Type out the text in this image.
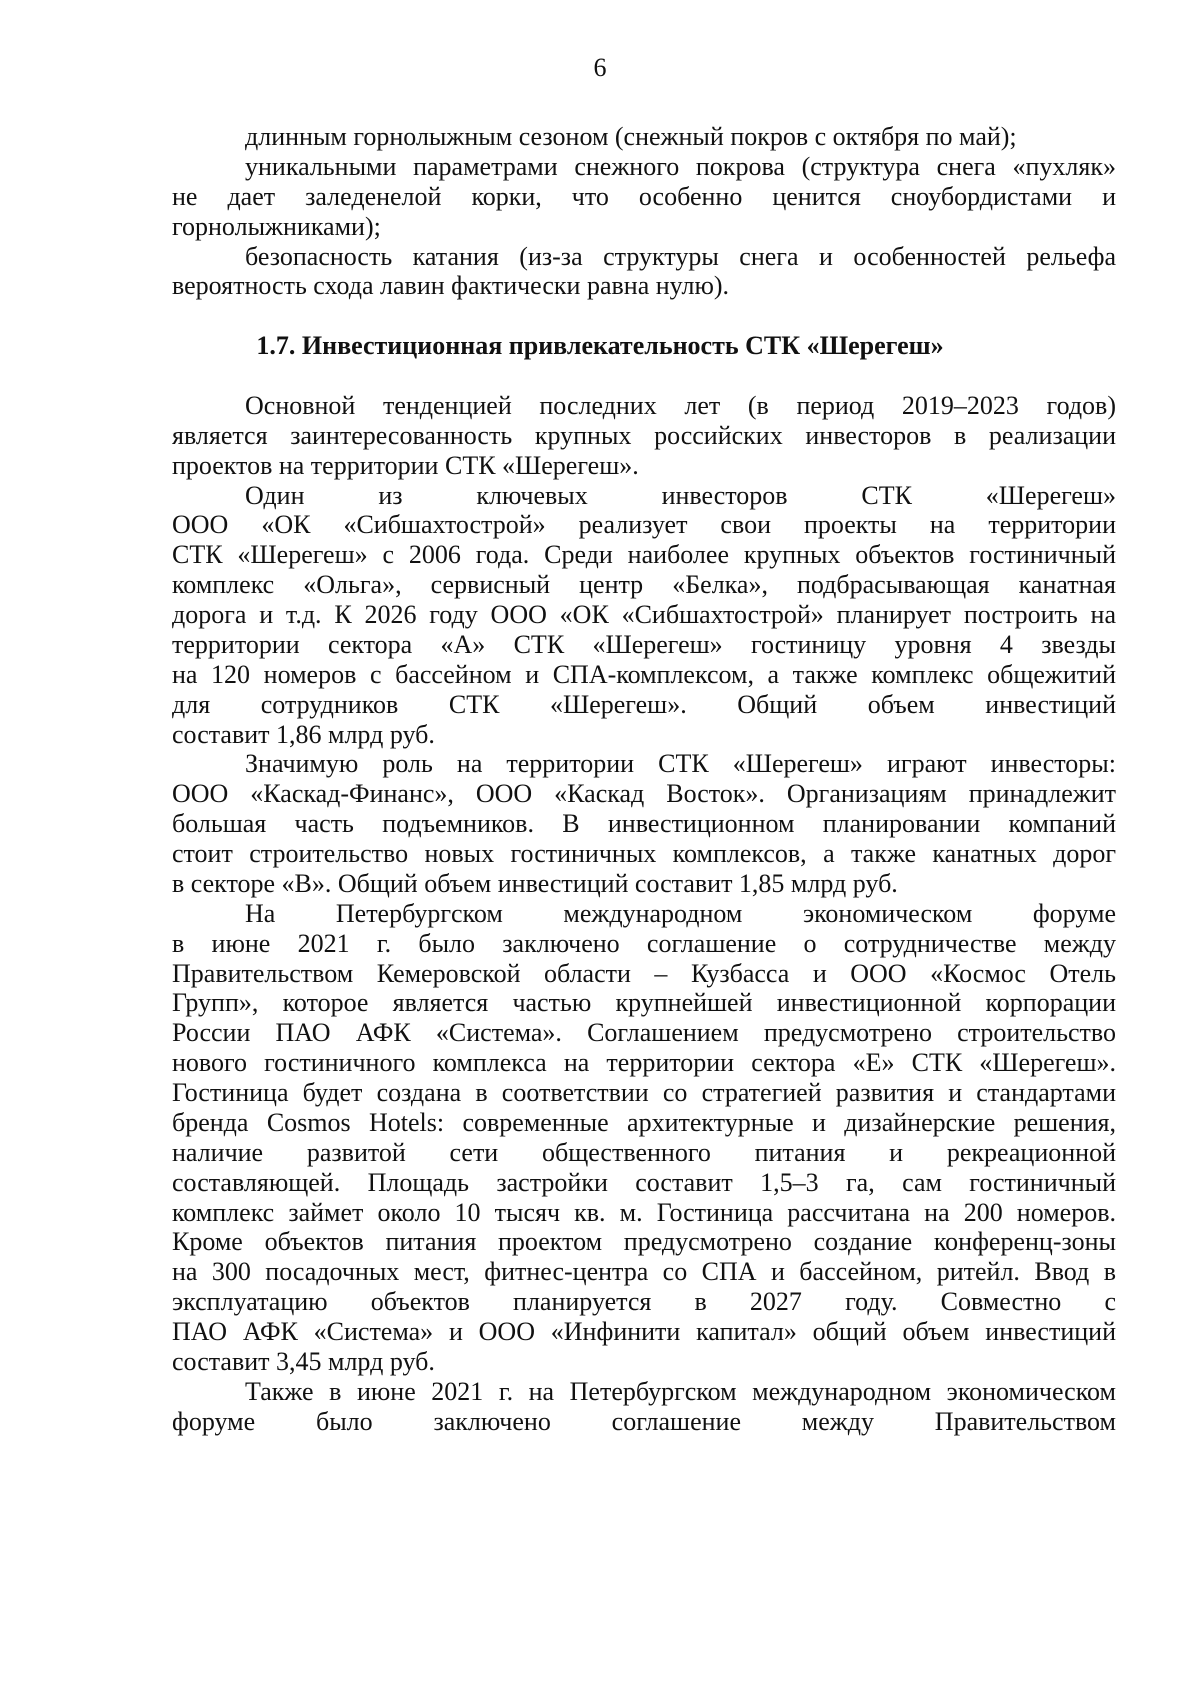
6
длинным горнолыжным сезоном (снежный покров с октября по май);
уникальными параметрами снежного покрова (структура снега «пухляк»
не дает заледенелой корки, что особенно ценится сноубордистами и
горнолыжниками);
безопасность катания (из-за структуры снега и особенностей рельефа
вероятность схода лавин фактически равна нулю).
1.7. Инвестиционная привлекательность СТК «Шерегеш»
Основной тенденцией последних лет (в период 2019–2023 годов)
является заинтересованность крупных российских инвесторов в реализации
проектов на территории СТК «Шерегеш».
Один из ключевых инвесторов СТК «Шерегеш»
ООО «ОК «Сибшахтострой» реализует свои проекты на территории
СТК «Шерегеш» с 2006 года. Среди наиболее крупных объектов гостиничный
комплекс «Ольга», сервисный центр «Белка», подбрасывающая канатная
дорога и т.д. К 2026 году ООО «ОК «Сибшахтострой» планирует построить на
территории сектора «А» СТК «Шерегеш» гостиницу уровня 4 звезды
на 120 номеров с бассейном и СПА-комплексом, а также комплекс общежитий
для сотрудников СТК «Шерегеш». Общий объем инвестиций
составит 1,86 млрд руб.
Значимую роль на территории СТК «Шерегеш» играют инвесторы:
ООО «Каскад-Финанс», ООО «Каскад Восток». Организациям принадлежит
большая часть подъемников. В инвестиционном планировании компаний
стоит строительство новых гостиничных комплексов, а также канатных дорог
в секторе «В». Общий объем инвестиций составит 1,85 млрд руб.
На Петербургском международном экономическом форуме
в июне 2021 г. было заключено соглашение о сотрудничестве между
Правительством Кемеровской области – Кузбасса и ООО «Космос Отель
Групп», которое является частью крупнейшей инвестиционной корпорации
России ПАО АФК «Система». Соглашением предусмотрено строительство
нового гостиничного комплекса на территории сектора «Е» СТК «Шерегеш».
Гостиница будет создана в соответствии со стратегией развития и стандартами
бренда Cosmos Hotels: современные архитектурные и дизайнерские решения,
наличие развитой сети общественного питания и рекреационной
составляющей. Площадь застройки составит 1,5–3 га, сам гостиничный
комплекс займет около 10 тысяч кв. м. Гостиница рассчитана на 200 номеров.
Кроме объектов питания проектом предусмотрено создание конференц-зоны
на 300 посадочных мест, фитнес-центра со СПА и бассейном, ритейл. Ввод в
эксплуатацию объектов планируется в 2027 году. Совместно с
ПАО АФК «Система» и ООО «Инфинити капитал» общий объем инвестиций
составит 3,45 млрд руб.
Также в июне 2021 г. на Петербургском международном экономическом
форуме было заключено соглашение между Правительством
